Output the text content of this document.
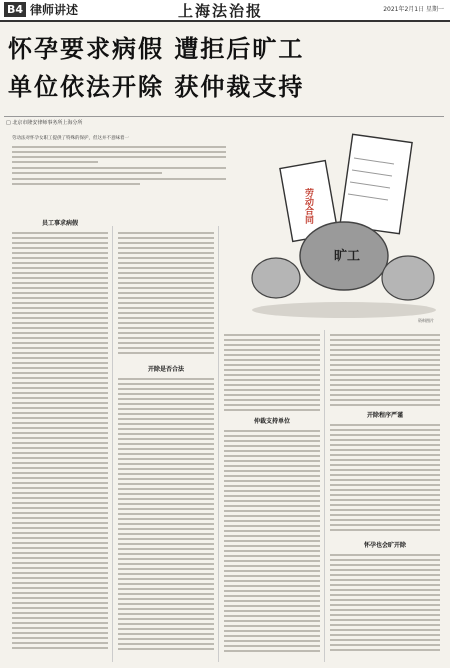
B4 律师讲述	上海法治报	2021年2月1日 星期一
怀孕要求病假 遭拒后旷工
单位依法开除 获仲裁支持
□ 北京市隆安律师事务所上海分所
劳动法对怀孕女职工提供了特殊的保护，但这并不意味着一
劳动合同
旷工
资料图片
员工事求病假
开除是否合法
仲裁支持单位
开除程序严谨
怀孕也会旷开除
